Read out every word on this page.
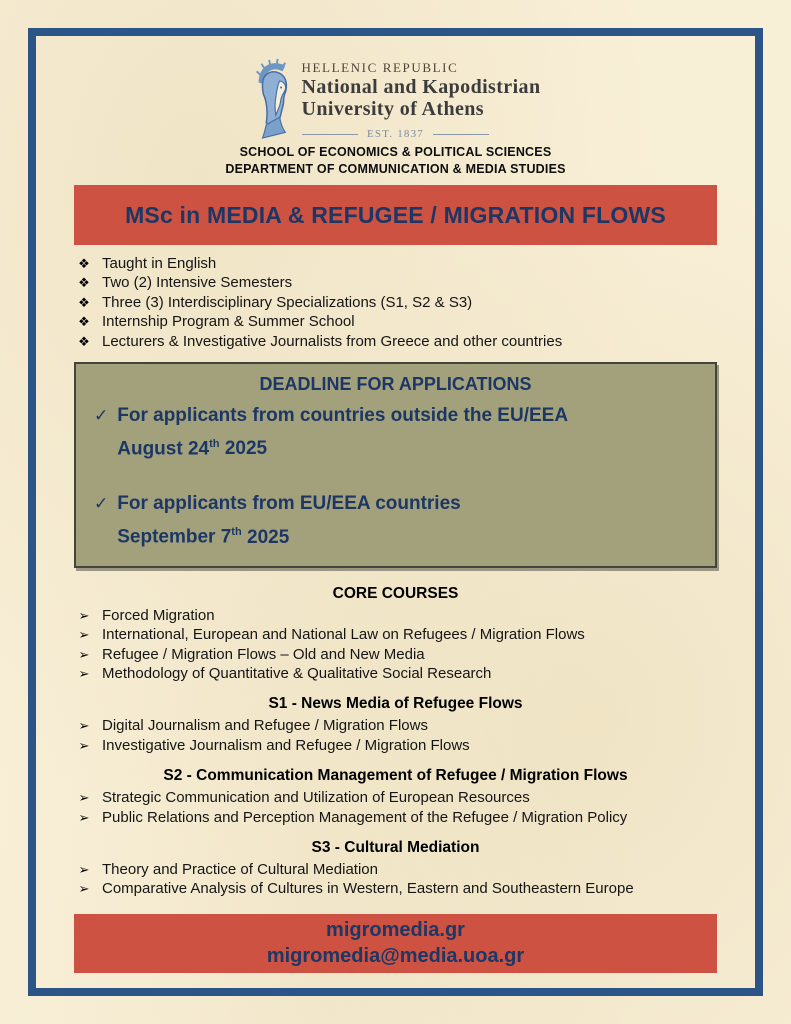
HELLENIC REPUBLIC
National and Kapodistrian
University of Athens
EST. 1837
SCHOOL OF ECONOMICS & POLITICAL SCIENCES
DEPARTMENT OF COMMUNICATION & MEDIA STUDIES
MSc in MEDIA & REFUGEE / MIGRATION FLOWS
❖ Taught in English
❖ Two (2) Intensive Semesters
❖ Three (3) Interdisciplinary Specializations (S1, S2 & S3)
❖ Internship Program & Summer School
❖ Lecturers & Investigative Journalists from Greece and other countries
DEADLINE FOR APPLICATIONS
✓ For applicants from countries outside the EU/EEA
August 24th 2025
✓ For applicants from EU/EEA countries
September 7th 2025
CORE COURSES
➢ Forced Migration
➢ International, European and National Law on Refugees / Migration Flows
➢ Refugee / Migration Flows – Old and New Media
➢ Methodology of Quantitative & Qualitative Social Research
S1 - News Media of Refugee Flows
➢ Digital Journalism and Refugee / Migration Flows
➢ Investigative Journalism and Refugee / Migration Flows
S2 - Communication Management of Refugee / Migration Flows
➢ Strategic Communication and Utilization of European Resources
➢ Public Relations and Perception Management of the Refugee / Migration Policy
S3 - Cultural Mediation
➢ Theory and Practice of Cultural Mediation
➢ Comparative Analysis of Cultures in Western, Eastern and Southeastern Europe
migromedia.gr
migromedia@media.uoa.gr
